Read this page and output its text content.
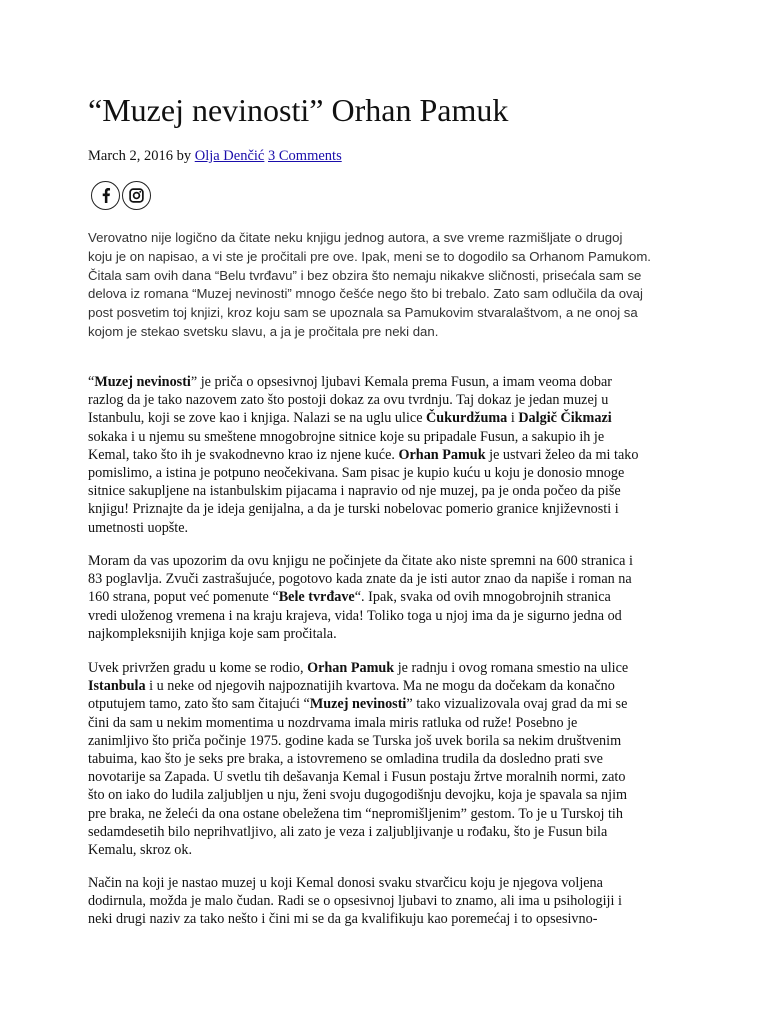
“Muzej nevinosti” Orhan Pamuk
March 2, 2016 by Olja Denčić 3 Comments
Verovatno nije logično da čitate neku knjigu jednog autora, a sve vreme razmišljate o drugoj
koju je on napisao, a vi ste je pročitali pre ove. Ipak, meni se to dogodilo sa Orhanom Pamukom.
Čitala sam ovih dana “Belu tvrđavu” i bez obzira što nemaju nikakve sličnosti, prisećala sam se
delova iz romana “Muzej nevinosti” mnogo češće nego što bi trebalo. Zato sam odlučila da ovaj
post posvetim toj knjizi, kroz koju sam se upoznala sa Pamukovim stvaralaštvom, a ne onoj sa
kojom je stekao svetsku slavu, a ja je pročitala pre neki dan.
“Muzej nevinosti” je priča o opsesivnoj ljubavi Kemala prema Fusun, a imam veoma dobar
razlog da je tako nazovem zato što postoji dokaz za ovu tvrdnju. Taj dokaz je jedan muzej u
Istanbulu, koji se zove kao i knjiga. Nalazi se na uglu ulice Čukurdžuma i Dalgič Čikmazi
sokaka i u njemu su smeštene mnogobrojne sitnice koje su pripadale Fusun, a sakupio ih je
Kemal, tako što ih je svakodnevno krao iz njene kuće. Orhan Pamuk je ustvari želeo da mi tako
pomislimo, a istina je potpuno neočekivana. Sam pisac je kupio kuću u koju je donosio mnoge
sitnice sakupljene na istanbulskim pijacama i napravio od nje muzej, pa je onda počeo da piše
knjigu! Priznajte da je ideja genijalna, a da je turski nobelovac pomerio granice književnosti i
umetnosti uopšte.
Moram da vas upozorim da ovu knjigu ne počinjete da čitate ako niste spremni na 600 stranica i
83 poglavlja. Zvuči zastrašujuće, pogotovo kada znate da je isti autor znao da napiše i roman na
160 strana, poput već pomenute “Bele tvrđave“. Ipak, svaka od ovih mnogobrojnih stranica
vredi uloženog vremena i na kraju krajeva, vida! Toliko toga u njoj ima da je sigurno jedna od
najkompleksnijih knjiga koje sam pročitala.
Uvek privržen gradu u kome se rodio, Orhan Pamuk je radnju i ovog romana smestio na ulice
Istanbula i u neke od njegovih najpoznatijih kvartova. Ma ne mogu da dočekam da konačno
otputujem tamo, zato što sam čitajući “Muzej nevinosti” tako vizualizovala ovaj grad da mi se
čini da sam u nekim momentima u nozdrvama imala miris ratluka od ruže! Posebno je
zanimljivo što priča počinje 1975. godine kada se Turska još uvek borila sa nekim društvenim
tabuima, kao što je seks pre braka, a istovremeno se omladina trudila da dosledno prati sve
novotarije sa Zapada. U svetlu tih dešavanja Kemal i Fusun postaju žrtve moralnih normi, zato
što on iako do ludila zaljubljen u nju, ženi svoju dugogodišnju devojku, koja je spavala sa njim
pre braka, ne želeći da ona ostane obeležena tim “nepromišljenim” gestom. To je u Turskoj tih
sedamdesetih bilo neprihvatljivo, ali zato je veza i zaljubljivanje u rođaku, što je Fusun bila
Kemalu, skroz ok.
Način na koji je nastao muzej u koji Kemal donosi svaku stvarčicu koju je njegova voljena
dodirnula, možda je malo čudan. Radi se o opsesivnoj ljubavi to znamo, ali ima u psihologiji i
neki drugi naziv za tako nešto i čini mi se da ga kvalifikuju kao poremećaj i to opsesivno-
